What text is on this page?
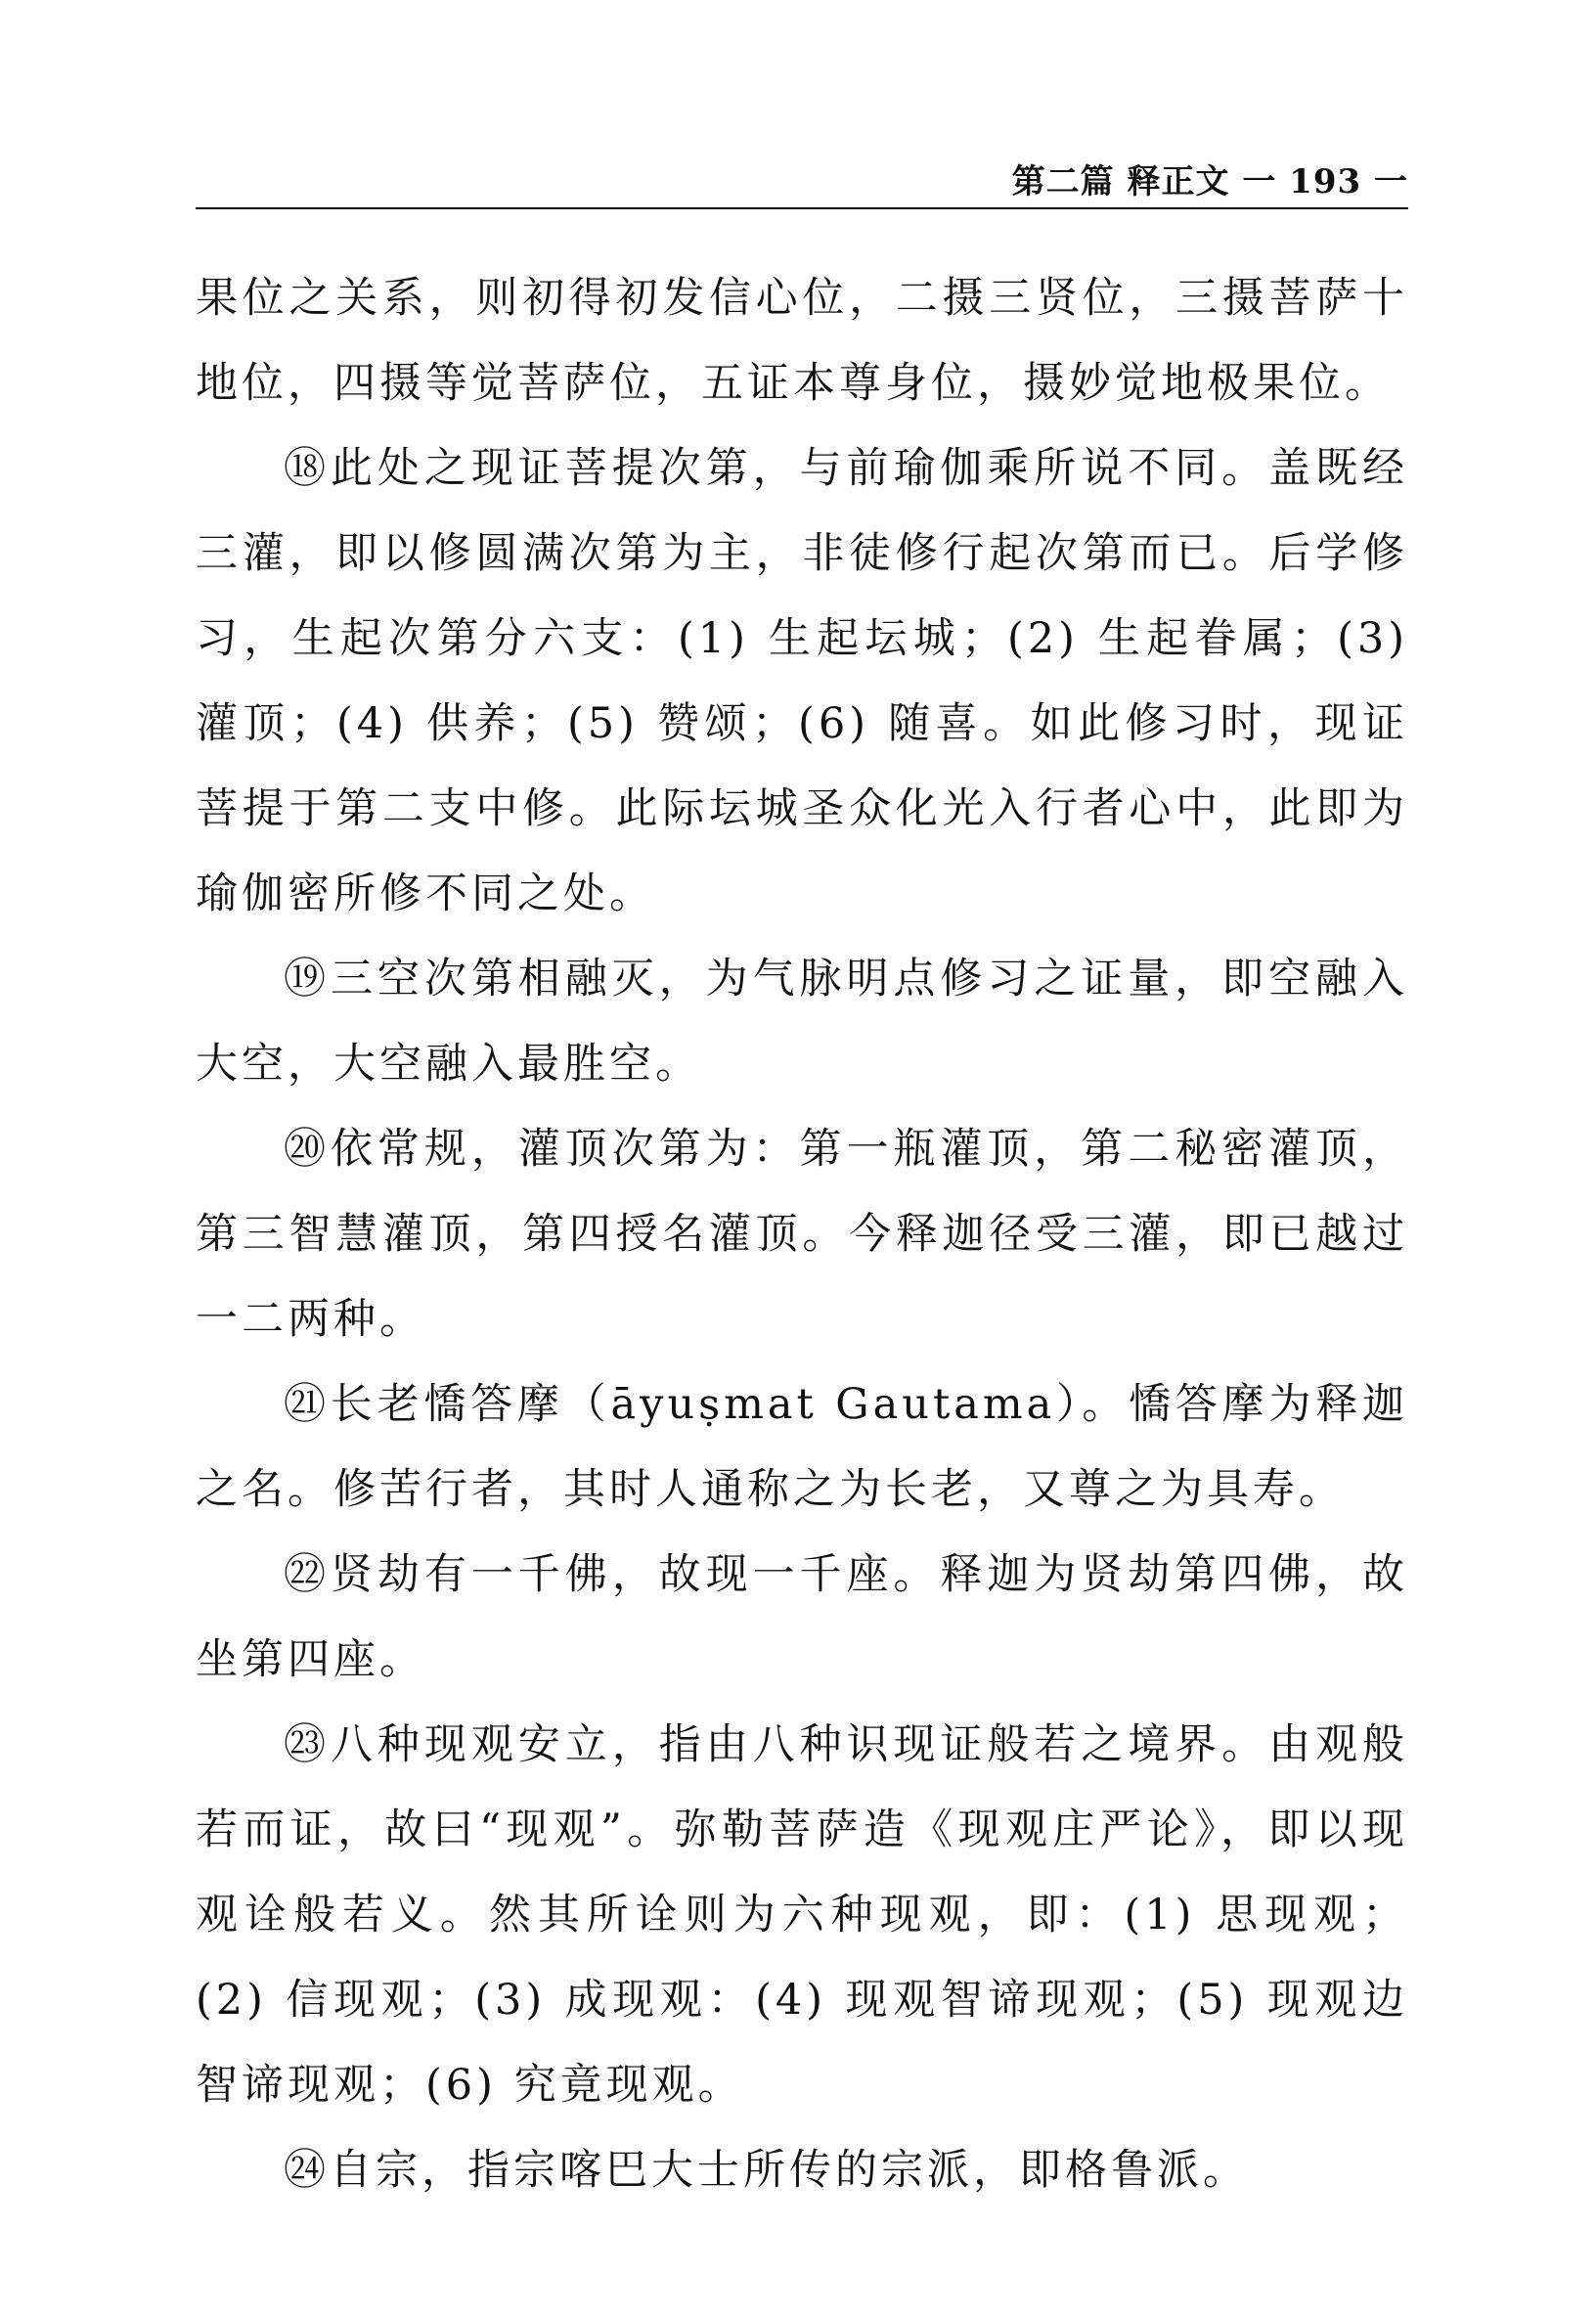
第二篇 释正文 一 193 一

果位之关系，则初得初发信心位，二摄三贤位，三摄菩萨十地位，四摄等觉菩萨位，五证本尊身位，摄妙觉地极果位。

⑱此处之现证菩提次第，与前瑜伽乘所说不同。盖既经三灌，即以修圆满次第为主，非徒修行起次第而已。后学修习，生起次第分六支：(1) 生起坛城；(2) 生起眷属；(3) 灌顶；(4) 供养；(5) 赞颂；(6) 随喜。如此修习时，现证菩提于第二支中修。此际坛城圣众化光入行者心中，此即为瑜伽密所修不同之处。

⑲三空次第相融灭，为气脉明点修习之证量，即空融入大空，大空融入最胜空。

⑳依常规，灌顶次第为：第一瓶灌顶，第二秘密灌顶，第三智慧灌顶，第四授名灌顶。今释迦径受三灌，即已越过一二两种。

㉑长老憍答摩（āyuṣmat Gautama）。憍答摩为释迦之名。修苦行者，其时人通称之为长老，又尊之为具寿。

㉒贤劫有一千佛，故现一千座。释迦为贤劫第四佛，故坐第四座。

㉓八种现观安立，指由八种识现证般若之境界。由观般若而证，故曰“现观”。弥勒菩萨造《现观庄严论》，即以现观诠般若义。然其所诠则为六种现观，即：(1) 思现观；(2) 信现观；(3) 成现观：(4) 现观智谛现观；(5) 现观边智谛现观；(6) 究竟现观。

㉔自宗，指宗喀巴大士所传的宗派，即格鲁派。
